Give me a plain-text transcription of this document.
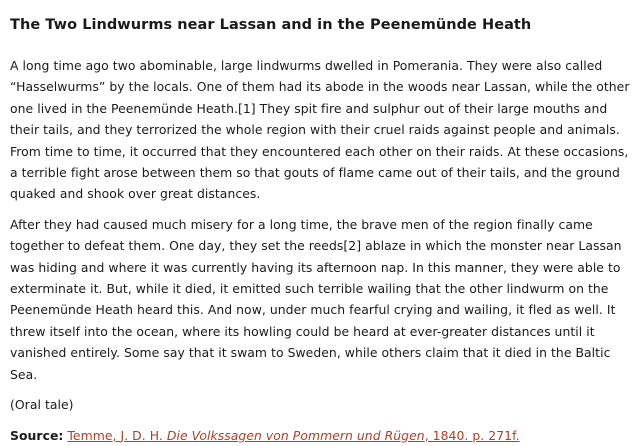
The Two Lindwurms near Lassan and in the Peenemünde Heath

A long time ago two abominable, large lindwurms dwelled in Pomerania. They were also called “Hasselwurms” by the locals. One of them had its abode in the woods near Lassan, while the other one lived in the Peenemünde Heath.[1] They spit fire and sulphur out of their large mouths and their tails, and they terrorized the whole region with their cruel raids against people and animals. From time to time, it occurred that they encountered each other on their raids. At these occasions, a terrible fight arose between them so that gouts of flame came out of their tails, and the ground quaked and shook over great distances.

After they had caused much misery for a long time, the brave men of the region finally came together to defeat them. One day, they set the reeds[2] ablaze in which the monster near Lassan was hiding and where it was currently having its afternoon nap. In this manner, they were able to exterminate it. But, while it died, it emitted such terrible wailing that the other lindwurm on the Peenemünde Heath heard this. And now, under much fearful crying and wailing, it fled as well. It threw itself into the ocean, where its howling could be heard at ever-greater distances until it vanished entirely. Some say that it swam to Sweden, while others claim that it died in the Baltic Sea.

(Oral tale)

Source: Temme, J. D. H. Die Volkssagen von Pommern und Rügen, 1840. p. 271f.
